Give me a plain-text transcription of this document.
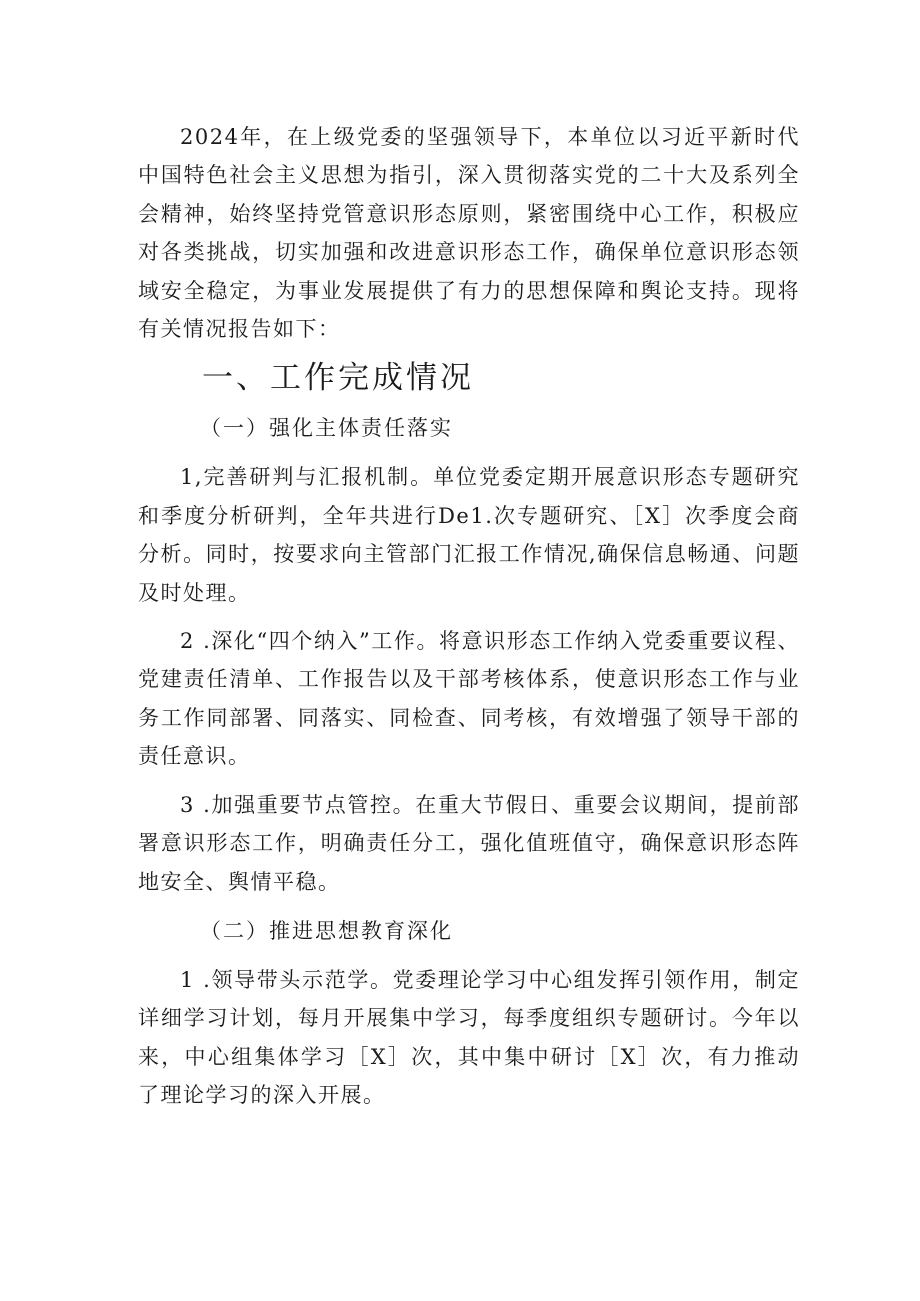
2024年，在上级党委的坚强领导下，本单位以习近平新时代中国特色社会主义思想为指引，深入贯彻落实党的二十大及系列全会精神，始终坚持党管意识形态原则，紧密围绕中心工作，积极应对各类挑战，切实加强和改进意识形态工作，确保单位意识形态领域安全稳定，为事业发展提供了有力的思想保障和舆论支持。现将有关情况报告如下：

一、工作完成情况

（一）强化主体责任落实

1,完善研判与汇报机制。单位党委定期开展意识形态专题研究和季度分析研判，全年共进行De1.次专题研究、［X］次季度会商分析。同时，按要求向主管部门汇报工作情况,确保信息畅通、问题及时处理。

2 .深化“四个纳入”工作。将意识形态工作纳入党委重要议程、党建责任清单、工作报告以及干部考核体系，使意识形态工作与业务工作同部署、同落实、同检查、同考核，有效增强了领导干部的责任意识。

3 .加强重要节点管控。在重大节假日、重要会议期间，提前部署意识形态工作，明确责任分工，强化值班值守，确保意识形态阵地安全、舆情平稳。

（二）推进思想教育深化

1 .领导带头示范学。党委理论学习中心组发挥引领作用，制定详细学习计划，每月开展集中学习，每季度组织专题研讨。今年以来，中心组集体学习［X］次，其中集中研讨［X］次，有力推动了理论学习的深入开展。
